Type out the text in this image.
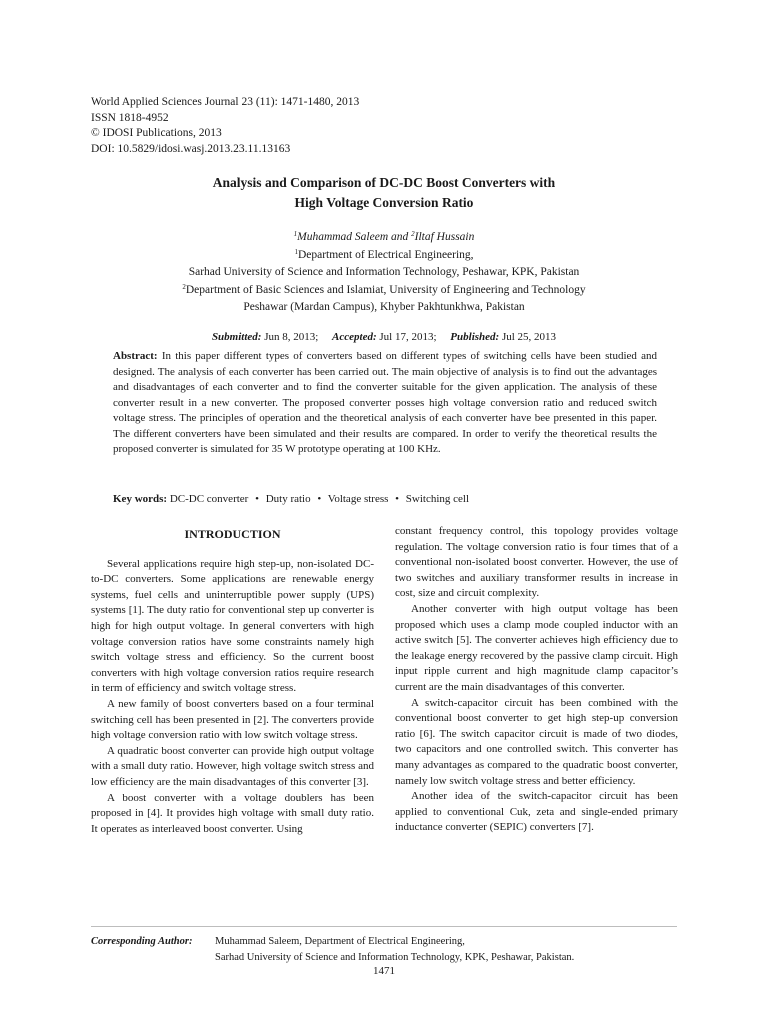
World Applied Sciences Journal 23 (11): 1471-1480, 2013
ISSN 1818-4952
© IDOSI Publications, 2013
DOI: 10.5829/idosi.wasj.2013.23.11.13163
Analysis and Comparison of DC-DC Boost Converters with
High Voltage Conversion Ratio
$^1$Muhammad Saleem and $^2$Iltaf Hussain
$^1$Department of Electrical Engineering,
Sarhad University of Science and Information Technology, Peshawar, KPK, Pakistan
$^2$Department of Basic Sciences and Islamiat, University of Engineering and Technology
Peshawar (Mardan Campus), Khyber Pakhtunkhwa, Pakistan
Submitted: Jun 8, 2013; Accepted: Jul 17, 2013; Published: Jul 25, 2013
Abstract: In this paper different types of converters based on different types of switching cells have been studied and designed. The analysis of each converter has been carried out. The main objective of analysis is to find out the advantages and disadvantages of each converter and to find the converter suitable for the given application. The analysis of these converter result in a new converter. The proposed converter posses high voltage conversion ratio and reduced switch voltage stress. The principles of operation and the theoretical analysis of each converter have bee presented in this paper. The different converters have been simulated and their results are compared. In order to verify the theoretical results the proposed converter is simulated for 35 W prototype operating at 100 KHz.
Key words: DC-DC converter • Duty ratio • Voltage stress • Switching cell
INTRODUCTION

Several applications require high step-up, non-isolated DC-to-DC converters. Some applications are renewable energy systems, fuel cells and uninterruptible power supply (UPS) systems [1]. The duty ratio for conventional step up converter is high for high output voltage. In general converters with high voltage conversion ratios have some constraints namely high switch voltage stress and efficiency. So the current boost converters with high voltage conversion ratios require research in term of efficiency and switch voltage stress.

A new family of boost converters based on a four terminal switching cell has been presented in [2]. The converters provide high voltage conversion ratio with low switch voltage stress.

A quadratic boost converter can provide high output voltage with a small duty ratio. However, high voltage switch stress and low efficiency are the main disadvantages of this converter [3].

A boost converter with a voltage doublers has been proposed in [4]. It provides high voltage with small duty ratio. It operates as interleaved boost converter. Using

constant frequency control, this topology provides voltage regulation. The voltage conversion ratio is four times that of a conventional non-isolated boost converter. However, the use of two switches and auxiliary transformer results in increase in cost, size and circuit complexity.

Another converter with high output voltage has been proposed which uses a clamp mode coupled inductor with an active switch [5]. The converter achieves high efficiency due to the leakage energy recovered by the passive clamp circuit. High input ripple current and high magnitude clamp capacitor’s current are the main disadvantages of this converter.

A switch-capacitor circuit has been combined with the conventional boost converter to get high step-up conversion ratio [6]. The switch capacitor circuit is made of two diodes, two capacitors and one controlled switch. This converter has many advantages as compared to the quadratic boost converter, namely low switch voltage stress and better efficiency.

Another idea of the switch-capacitor circuit has been applied to conventional Cuk, zeta and single-ended primary inductance converter (SEPIC) converters [7].

Corresponding Author: Muhammad Saleem, Department of Electrical Engineering,
Sarhad University of Science and Information Technology, KPK, Peshawar, Pakistan.
1471
